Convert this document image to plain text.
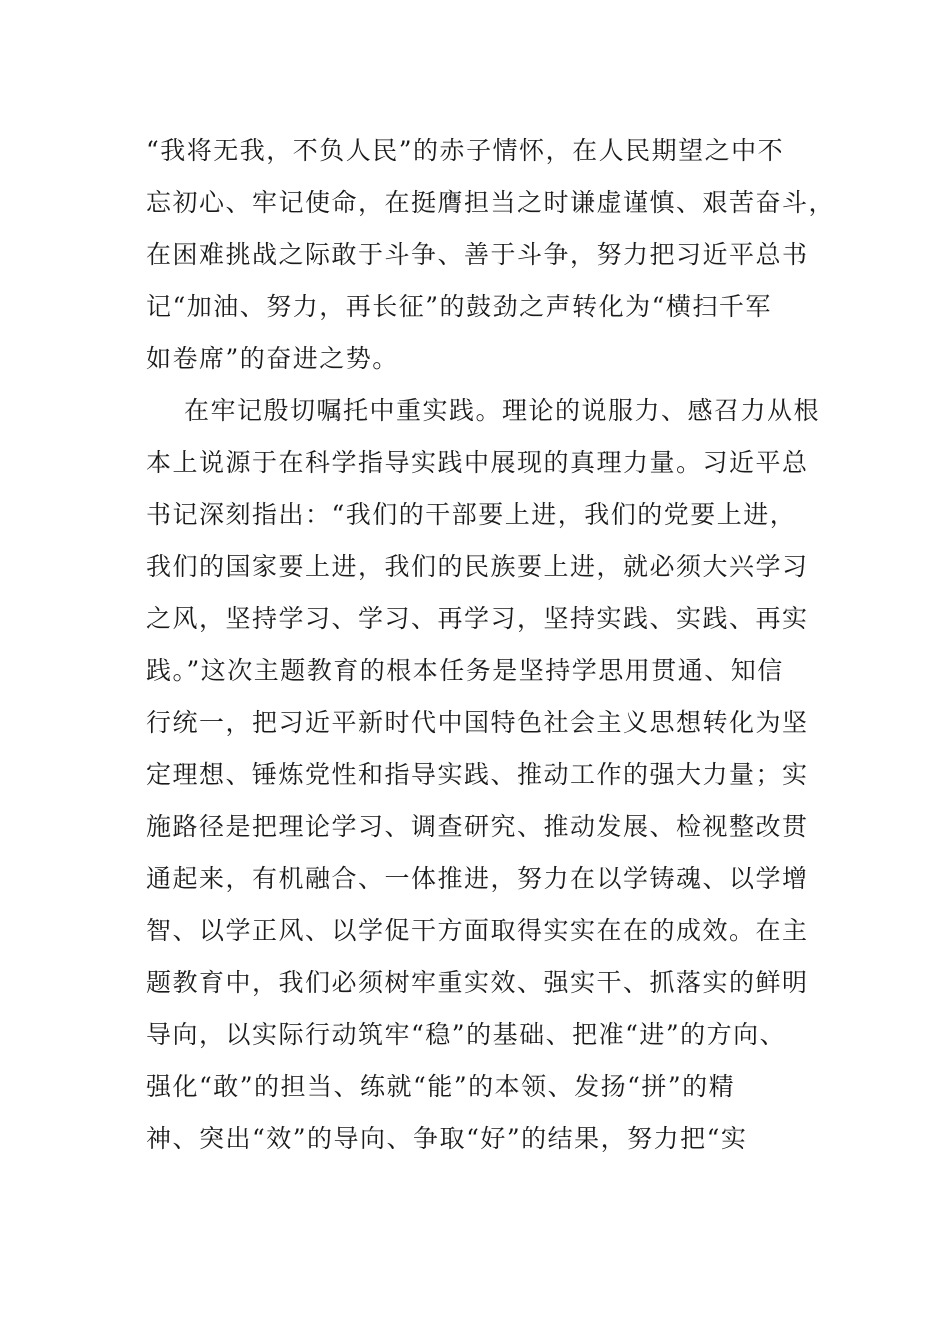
“我将无我，不负人民”的赤子情怀，在人民期望之中不
忘初心、牢记使命，在挺膺担当之时谦虚谨慎、艰苦奋斗，
在困难挑战之际敢于斗争、善于斗争，努力把习近平总书
记“加油、努力，再长征”的鼓劲之声转化为“横扫千军
如卷席”的奋进之势。
在牢记殷切嘱托中重实践。理论的说服力、感召力从根
本上说源于在科学指导实践中展现的真理力量。习近平总
书记深刻指出：“我们的干部要上进，我们的党要上进，
我们的国家要上进，我们的民族要上进，就必须大兴学习
之风，坚持学习、学习、再学习，坚持实践、实践、再实
践。”这次主题教育的根本任务是坚持学思用贯通、知信
行统一，把习近平新时代中国特色社会主义思想转化为坚
定理想、锤炼党性和指导实践、推动工作的强大力量；实
施路径是把理论学习、调查研究、推动发展、检视整改贯
通起来，有机融合、一体推进，努力在以学铸魂、以学增
智、以学正风、以学促干方面取得实实在在的成效。在主
题教育中，我们必须树牢重实效、强实干、抓落实的鲜明
导向，以实际行动筑牢“稳”的基础、把准“进”的方向、
强化“敢”的担当、练就“能”的本领、发扬“拼”的精
神、突出“效”的导向、争取“好”的结果，努力把“实
